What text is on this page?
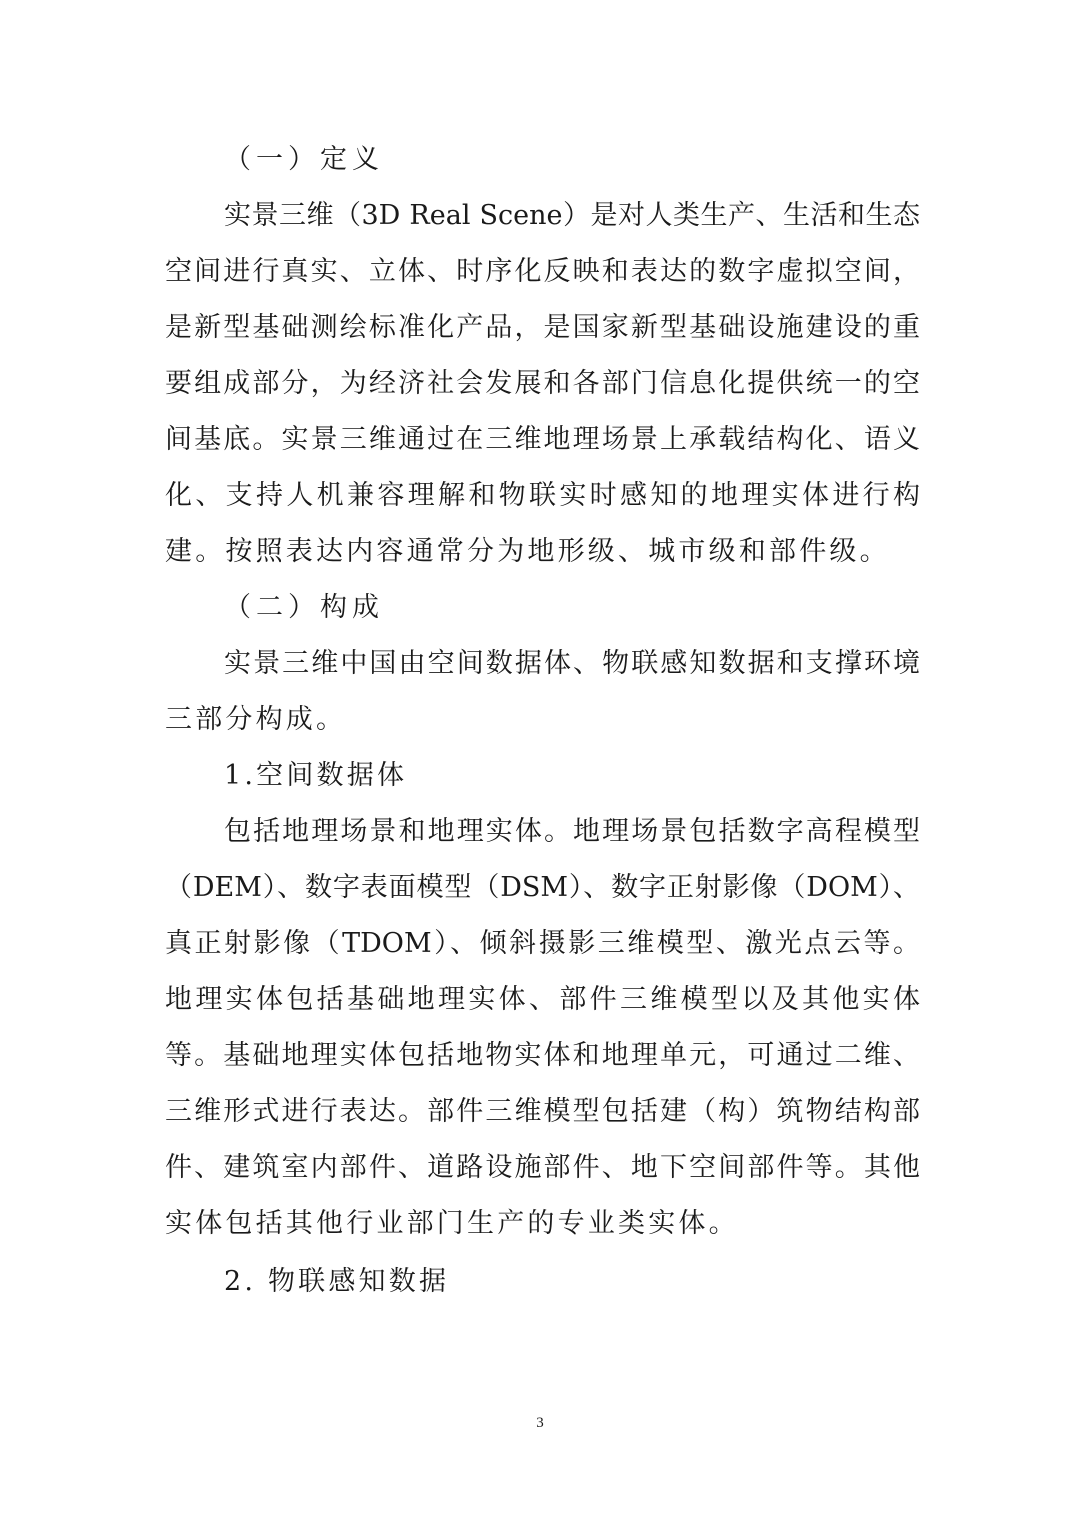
（一）定义
实景三维（3D Real Scene）是对人类生产、生活和生态
空间进行真实、立体、时序化反映和表达的数字虚拟空间，
是新型基础测绘标准化产品，是国家新型基础设施建设的重
要组成部分，为经济社会发展和各部门信息化提供统一的空
间基底。实景三维通过在三维地理场景上承载结构化、语义
化、支持人机兼容理解和物联实时感知的地理实体进行构
建。按照表达内容通常分为地形级、城市级和部件级。
（二）构成
实景三维中国由空间数据体、物联感知数据和支撑环境
三部分构成。
1.空间数据体
包括地理场景和地理实体。地理场景包括数字高程模型
（DEM）、数字表面模型（DSM）、数字正射影像（DOM）、
真正射影像（TDOM）、倾斜摄影三维模型、激光点云等。
地理实体包括基础地理实体、部件三维模型以及其他实体
等。基础地理实体包括地物实体和地理单元，可通过二维、
三维形式进行表达。部件三维模型包括建（构）筑物结构部
件、建筑室内部件、道路设施部件、地下空间部件等。其他
实体包括其他行业部门生产的专业类实体。
2. 物联感知数据
3
